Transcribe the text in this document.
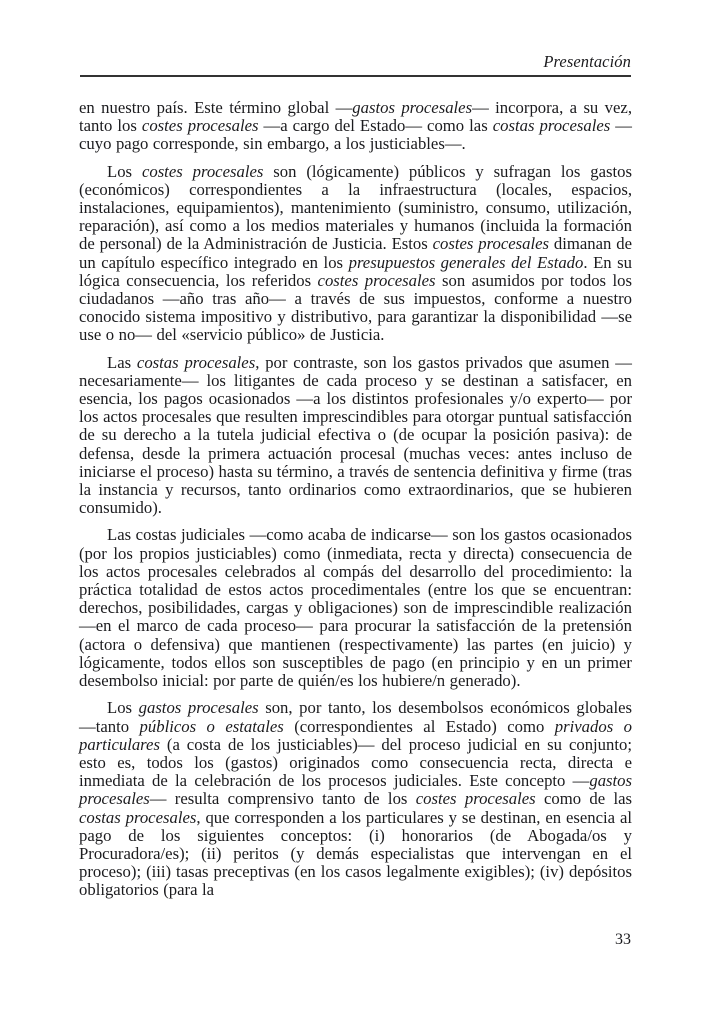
Presentación

en nuestro país. Este término global —gastos procesales— incorpora, a su vez, tanto los costes procesales —a cargo del Estado— como las costas procesales —cuyo pago corresponde, sin embargo, a los justiciables—.

Los costes procesales son (lógicamente) públicos y sufragan los gastos (económicos) correspondientes a la infraestructura (locales, espacios, instalaciones, equipamientos), mantenimiento (suministro, consumo, utilización, reparación), así como a los medios materiales y humanos (incluida la formación de personal) de la Administración de Justicia. Estos costes procesales dimanan de un capítulo específico integrado en los presupuestos generales del Estado. En su lógica consecuencia, los referidos costes procesales son asumidos por todos los ciudadanos —año tras año— a través de sus impuestos, conforme a nuestro conocido sistema impositivo y distributivo, para garantizar la disponibilidad —se use o no— del «servicio público» de Justicia.

Las costas procesales, por contraste, son los gastos privados que asumen —necesariamente— los litigantes de cada proceso y se destinan a satisfacer, en esencia, los pagos ocasionados —a los distintos profesionales y/o experto— por los actos procesales que resulten imprescindibles para otorgar puntual satisfacción de su derecho a la tutela judicial efectiva o (de ocupar la posición pasiva): de defensa, desde la primera actuación procesal (muchas veces: antes incluso de iniciarse el proceso) hasta su término, a través de sentencia definitiva y firme (tras la instancia y recursos, tanto ordinarios como extraordinarios, que se hubieren consumido).

Las costas judiciales —como acaba de indicarse— son los gastos ocasionados (por los propios justiciables) como (inmediata, recta y directa) consecuencia de los actos procesales celebrados al compás del desarrollo del procedimiento: la práctica totalidad de estos actos procedimentales (entre los que se encuentran: derechos, posibilidades, cargas y obligaciones) son de imprescindible realización —en el marco de cada proceso— para procurar la satisfacción de la pretensión (actora o defensiva) que mantienen (respectivamente) las partes (en juicio) y lógicamente, todos ellos son susceptibles de pago (en principio y en un primer desembolso inicial: por parte de quién/es los hubiere/n generado).

Los gastos procesales son, por tanto, los desembolsos económicos globales —tanto públicos o estatales (correspondientes al Estado) como privados o particulares (a costa de los justiciables)— del proceso judicial en su conjunto; esto es, todos los (gastos) originados como consecuencia recta, directa e inmediata de la celebración de los procesos judiciales. Este concepto —gastos procesales— resulta comprensivo tanto de los costes procesales como de las costas procesales, que corresponden a los particulares y se destinan, en esencia al pago de los siguientes conceptos: (i) honorarios (de Abogada/os y Procuradora/es); (ii) peritos (y demás especialistas que intervengan en el proceso); (iii) tasas preceptivas (en los casos legalmente exigibles); (iv) depósitos obligatorios (para la

33
